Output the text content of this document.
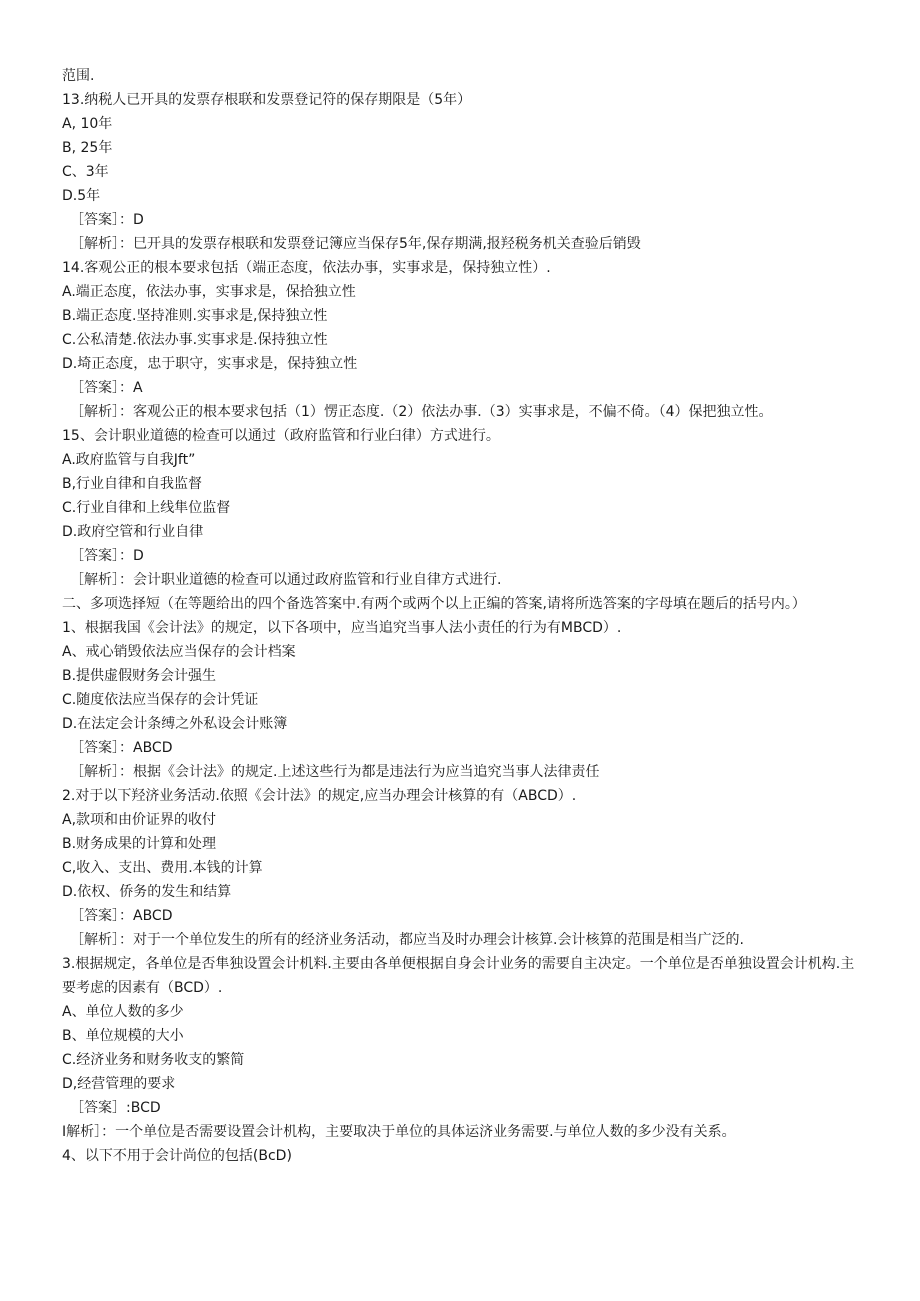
范围.
13.纳税人已开具的发票存根联和发票登记符的保存期限是（5年）
A, 10年
B, 25年
C、3年
D.5年
［答案］：D
［解析］：巳开具的发票存根联和发票登记簿应当保存5年,保存期满,报羟税务机关查验后销毁
14.客观公正的根本要求包括（端正态度，依法办事，实事求是，保持独立性）.
A.端正态度，依法办事，实事求是，保拾独立性
B.端正态度.坚持准则.实事求是,保持独立性
C.公私清楚.依法办事.实事求是.保持独立性
D.埼正态度，忠于职守，实事求是，保持独立性
［答案］：A
［解析］：客观公正的根本要求包括（1）愣正态度.（2）依法办事.（3）实事求是，不偏不倚。（4）保把独立性。
15、会计职业道德的检查可以通过（政府监管和行业臼律）方式进行。
A.政府监管与自我Jft”
B,行业自律和自我监督
C.行业自律和上线隼位监督
D.政府空管和行业自律
［答案］：D
［解析］：会计职业道德的检查可以通过政府监管和行业自律方式进行.
二、多项选择短（在等题给出的四个备选答案中.有两个或两个以上正编的答案,请将所选答案的字母填在题后的括号内。）
1、根据我国《会计法》的规定，以下各项中，应当追究当事人法小责任的行为有MBCD）.
A、戒心销毁依法应当保存的会计档案
B.提供虚假财务会计强生
C.随度依法应当保存的会计凭证
D.在法定会计条缚之外私设会计账簿
［答案］：ABCD
［解析］：根据《会计法》的规定.上述这些行为都是违法行为应当追究当事人法律责任
2.对于以下羟济业务活动.依照《会计法》的规定,应当办理会计核算的有（ABCD）.
A,款项和由价证界的收付
B.财务成果的计算和处理
C,收入、支出、费用.本钱的计算
D.依权、侨务的发生和结算
［答案］：ABCD
［解析］：对于一个单位发生的所有的经济业务活动，都应当及时办理会计核算.会计核算的范围是相当广泛的.
3.根据规定，各单位是否隼独设置会计机料.主要由各单便根据自身会计业务的需要自主决定。一个单位是否单独设置会计机构.主要考虑的因素有（BCD）.
A、单位人数的多少
B、单位规模的大小
C.经济业务和财务收支的繁简
D,经营管理的要求
［答案］:BCD
I解析］：一个单位是否需要设置会计机构，主要取决于单位的具体运济业务需要.与单位人数的多少没有关系。
4、以下不用于会计尚位的包括(BcD)
